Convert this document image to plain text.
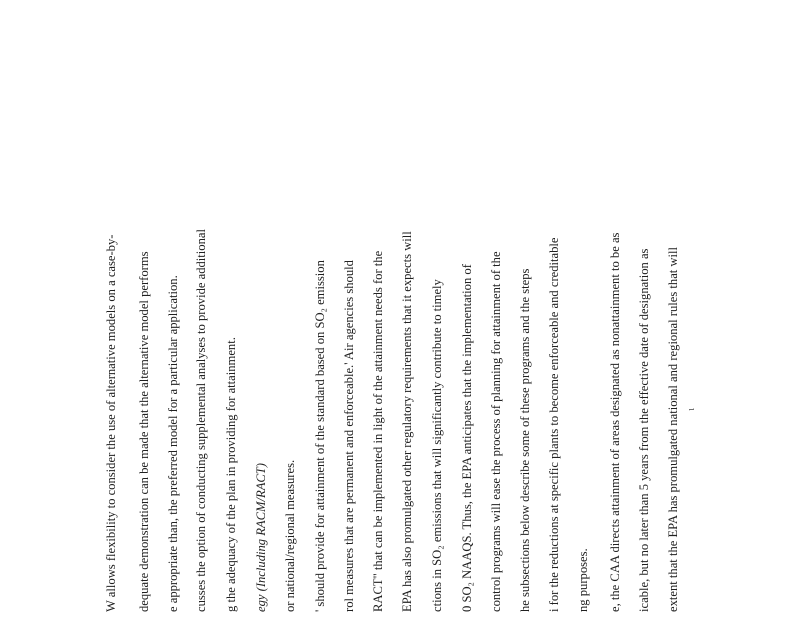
W allows flexibility to consider the use of alternative models on a case-by- dequate demonstration can be made that the alternative model performs e appropriate than, the preferred model for a particular application. cusses the option of conducting supplemental analyses to provide additional g the adequacy of the plan in providing for attainment. egy (Including RACM/RACT) or national/regional measures. ' should provide for attainment of the standard based on SO₂ emission rol measures that are permanent and enforceable.' Air agencies should RACT" that can be implemented in light of the attainment needs for the EPA has also promulgated other regulatory requirements that it expects will ctions in SO₂ emissions that will significantly contribute to timely 0 SO₂ NAAQS. Thus, the EPA anticipates that the implementation of control programs will ease the process of planning for attainment of the he subsections below describe some of these programs and the steps i for the reductions at specific plants to become enforceable and creditable ng purposes. e, the CAA directs attainment of areas designated as nonattainment to be as icable, but no later than 5 years from the effective date of designation as extent that the EPA has promulgated national and regional rules that will ι
